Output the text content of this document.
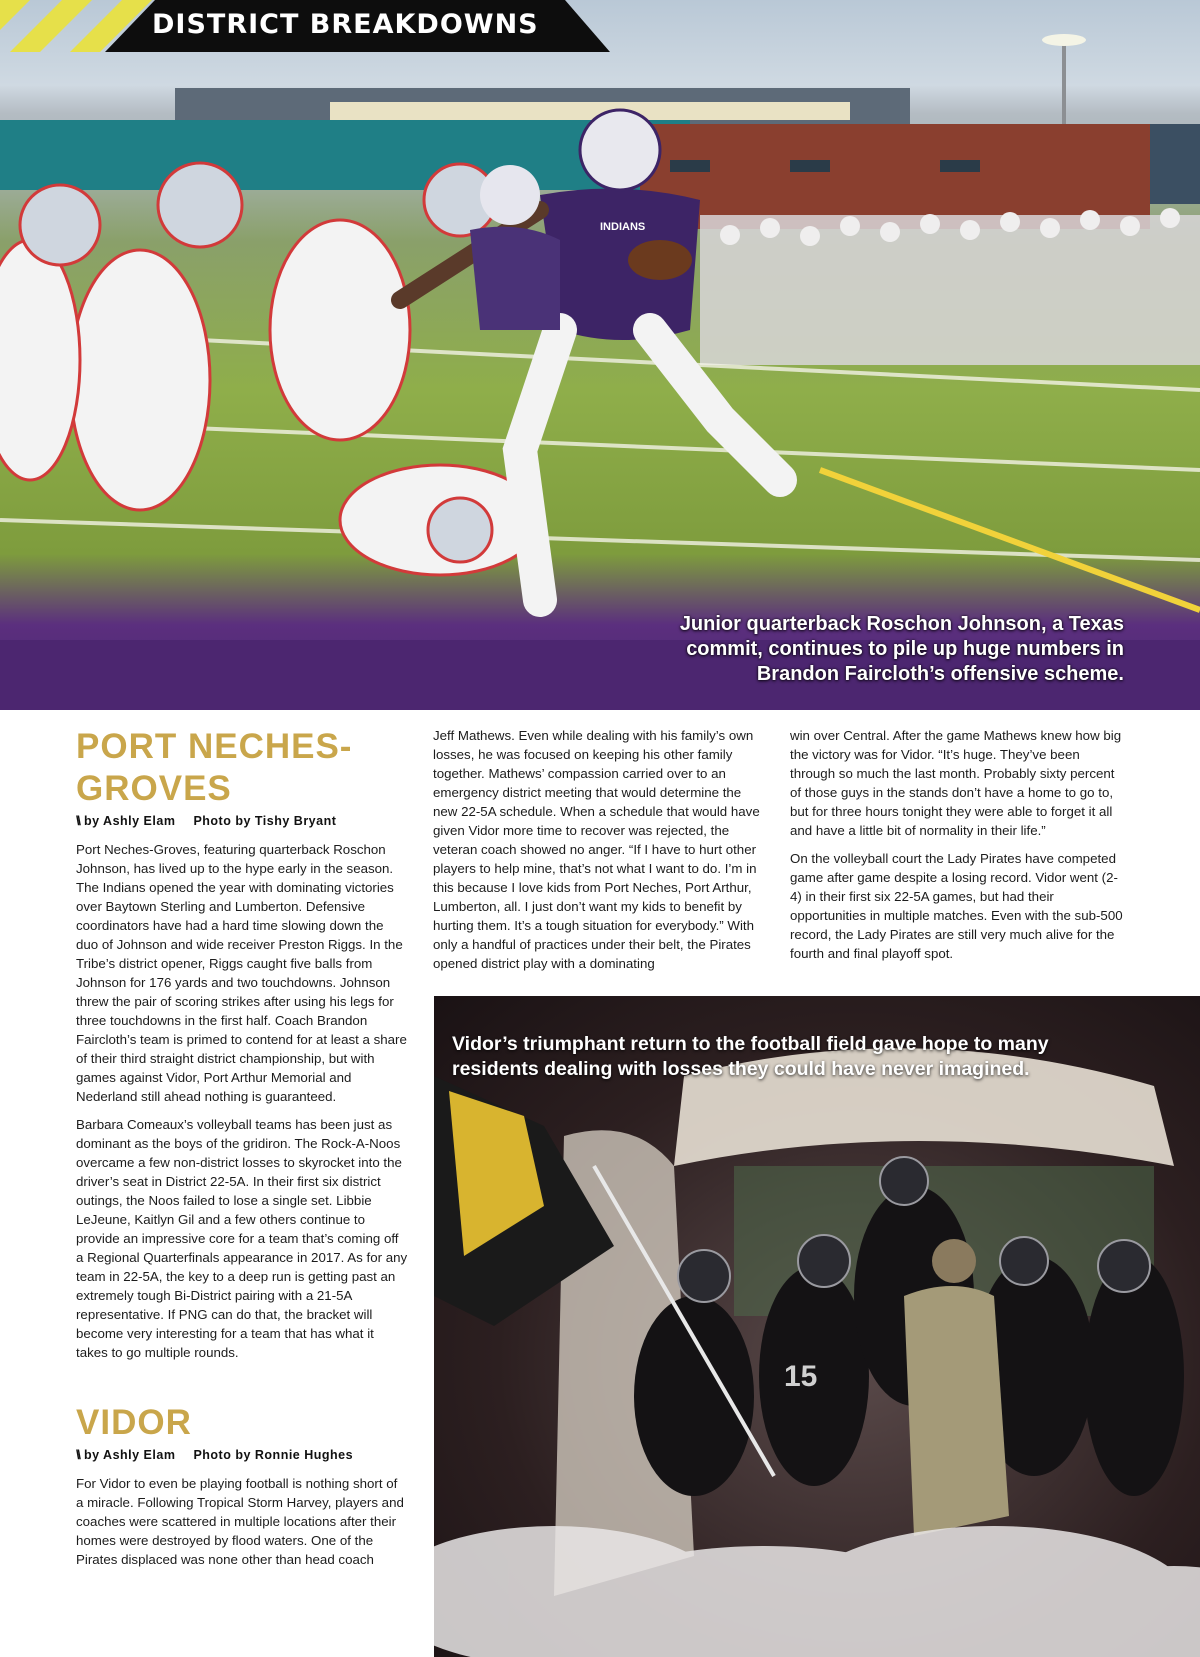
INDIANS
DISTRICT BREAKDOWNS
Junior quarterback Roschon Johnson, a Texas commit, continues to pile up huge numbers in Brandon Faircloth’s offensive scheme.
PORT NECHES-GROVES
\\ by Ashly Elam Photo by Tishy Bryant

Port Neches-Groves, featuring quarterback Roschon Johnson, has lived up to the hype early in the season. The Indians opened the year with dominating victories over Baytown Sterling and Lumberton. Defensive coordinators have had a hard time slowing down the duo of Johnson and wide receiver Preston Riggs. In the Tribe’s district opener, Riggs caught five balls from Johnson for 176 yards and two touchdowns. Johnson threw the pair of scoring strikes after using his legs for three touchdowns in the first half. Coach Brandon Faircloth’s team is primed to contend for at least a share of their third straight district championship, but with games against Vidor, Port Arthur Memorial and Nederland still ahead nothing is guaranteed.

Barbara Comeaux’s volleyball teams has been just as dominant as the boys of the gridiron. The Rock-A-Noos overcame a few non-district losses to skyrocket into the driver’s seat in District 22-5A. In their first six district outings, the Noos failed to lose a single set. Libbie LeJeune, Kaitlyn Gil and a few others continue to provide an impressive core for a team that’s coming off a Regional Quarterfinals appearance in 2017. As for any team in 22-5A, the key to a deep run is getting past an extremely tough Bi-District pairing with a 21-5A representative. If PNG can do that, the bracket will become very interesting for a team that has what it takes to go multiple rounds.

VIDOR
\\ by Ashly Elam Photo by Ronnie Hughes

For Vidor to even be playing football is nothing short of a miracle. Following Tropical Storm Harvey, players and coaches were scattered in multiple locations after their homes were destroyed by flood waters. One of the Pirates displaced was none other than head coach

Jeff Mathews. Even while dealing with his family’s own losses, he was focused on keeping his other family together. Mathews’ compassion carried over to an emergency district meeting that would determine the new 22-5A schedule. When a schedule that would have given Vidor more time to recover was rejected, the veteran coach showed no anger. “If I have to hurt other players to help mine, that’s not what I want to do. I’m in this because I love kids from Port Neches, Port Arthur, Lumberton, all. I just don’t want my kids to benefit by hurting them. It’s a tough situation for everybody.” With only a handful of practices under their belt, the Pirates opened district play with a dominating

win over Central. After the game Mathews knew how big the victory was for Vidor. “It’s huge. They’ve been through so much the last month. Probably sixty percent of those guys in the stands don’t have a home to go to, but for three hours tonight they were able to forget it all and have a little bit of normality in their life.”

On the volleyball court the Lady Pirates have competed game after game despite a losing record. Vidor went (2-4) in their first six 22-5A games, but had their opportunities in multiple matches. Even with the sub-500 record, the Lady Pirates are still very much alive for the fourth and final playoff spot.

15
Vidor’s triumphant return to the football field gave hope to many residents dealing with losses they could have never imagined.
